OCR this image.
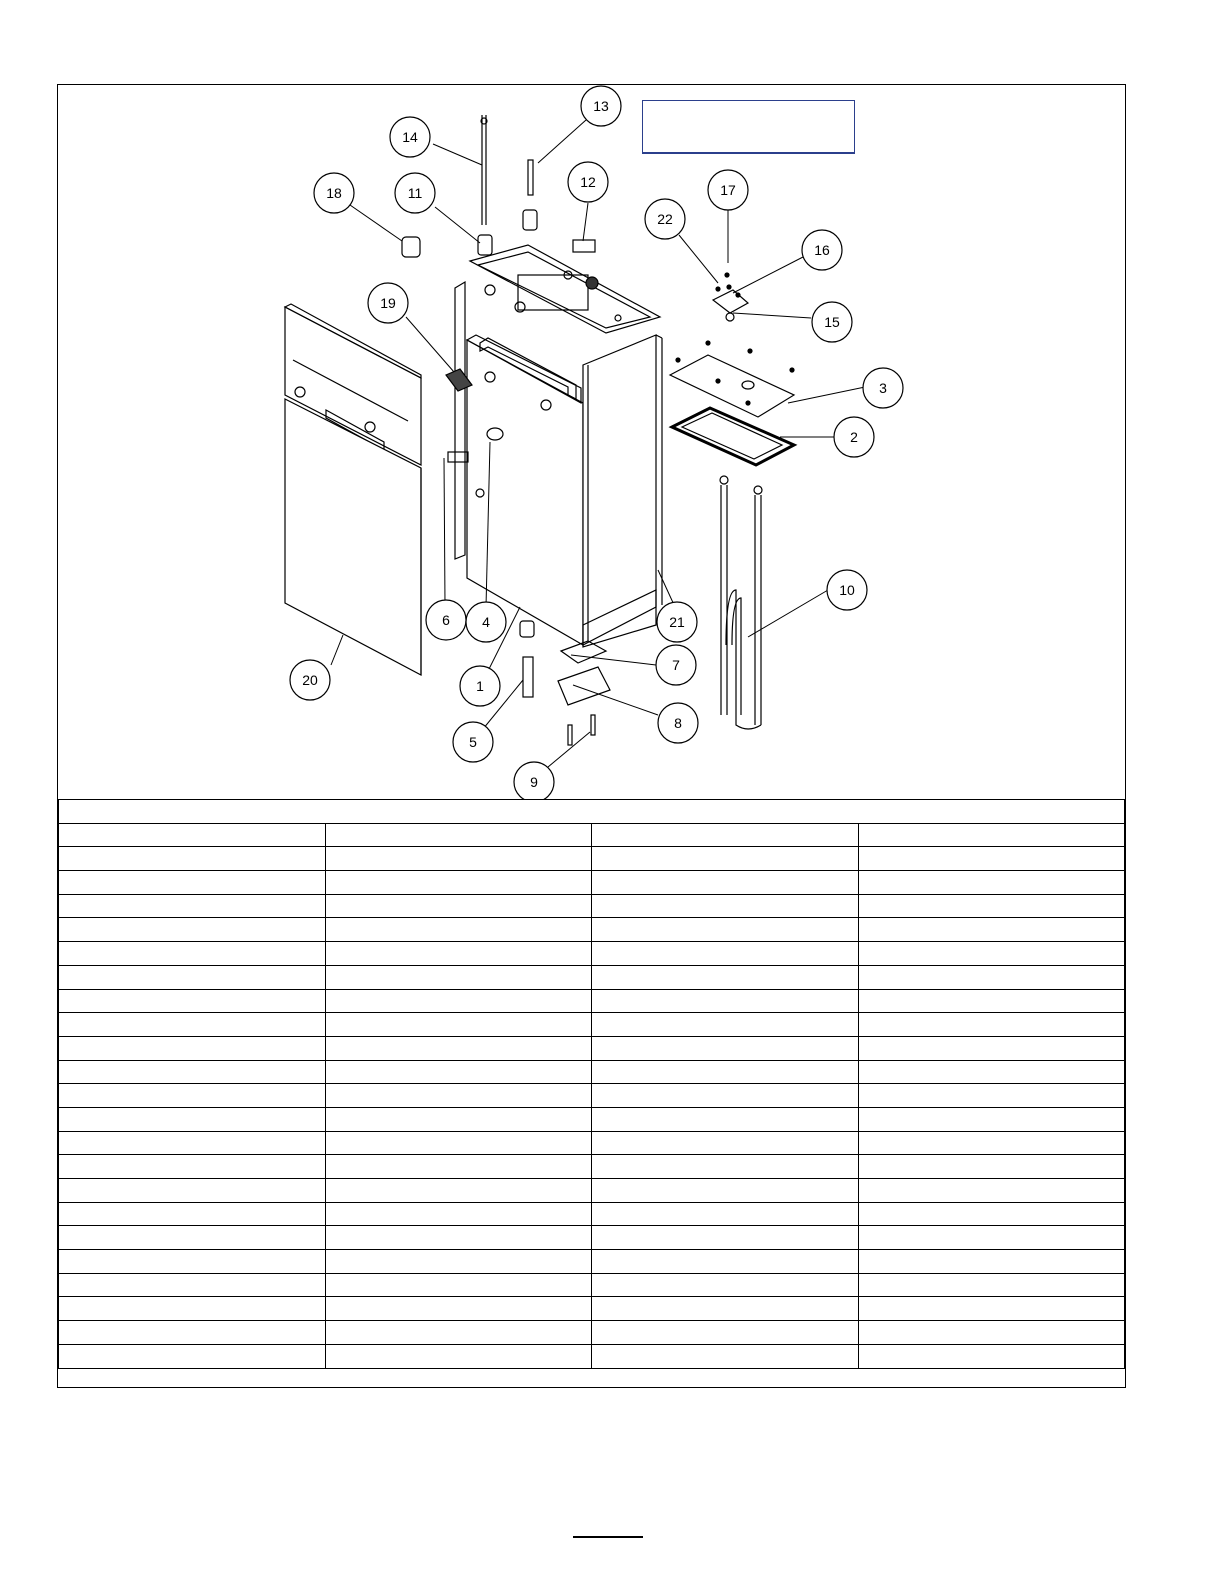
14
13
11
18
12	17
22
16
15
19
3
2
10
6 4	21
20	1
7
8
5
9
